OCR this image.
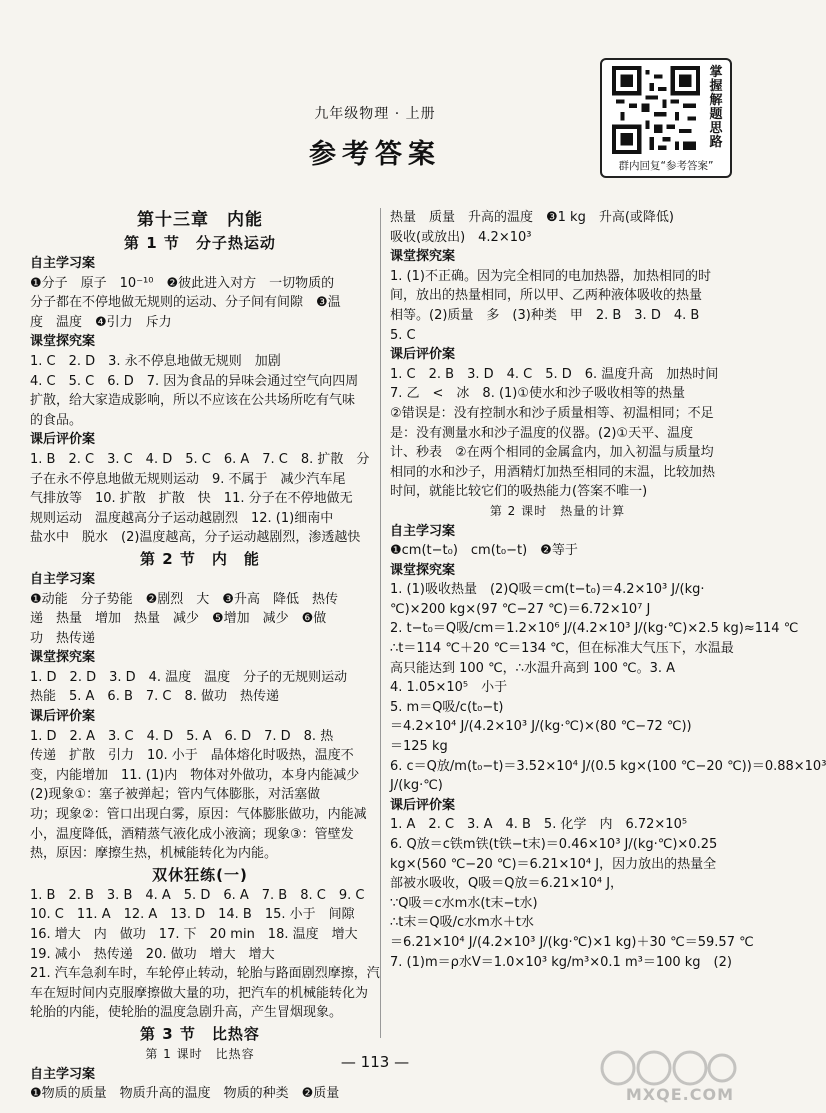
九年级物理 · 上册
参考答案
掌握解题思路
群内回复“参考答案”
第十三章　内能
第 1 节　分子热运动
自主学习案
❶分子　原子　10⁻¹⁰　❷彼此进入对方　一切物质的
分子都在不停地做无规则的运动、分子间有间隙　❸温
度　温度　❹引力　斥力
课堂探究案
1. C　2. D　3. 永不停息地做无规则　加剧
4. C　5. C　6. D　7. 因为食品的异味会通过空气向四周
扩散，给大家造成影响，所以不应该在公共场所吃有气味
的食品。
课后评价案
1. B　2. C　3. C　4. D　5. C　6. A　7. C　8. 扩散　分
子在永不停息地做无规则运动　9. 不属于　减少汽车尾
气排放等　10. 扩散　扩散　快　11. 分子在不停地做无
规则运动　温度越高分子运动越剧烈　12. (1)细南中
盐水中　脱水　(2)温度越高，分子运动越剧烈，渗透越快
第 2 节　内　能
自主学习案
❶动能　分子势能　❷剧烈　大　❸升高　降低　热传
递　热量　增加　热量　减少　❺增加　减少　❻做
功　热传递
课堂探究案
1. D　2. D　3. D　4. 温度　温度　分子的无规则运动
热能　5. A　6. B　7. C　8. 做功　热传递
课后评价案
1. D　2. A　3. C　4. D　5. A　6. D　7. D　8. 热
传递　扩散　引力　10. 小于　晶体熔化时吸热，温度不
变，内能增加　11. (1)内　物体对外做功，本身内能减少
(2)现象①：塞子被弹起；管内气体膨胀，对活塞做
功；现象②：管口出现白雾，原因：气体膨胀做功，内能减
小，温度降低，酒精蒸气液化成小液滴；现象③：管壁发
热，原因：摩擦生热，机械能转化为内能。
双休狂练(一)
1. B　2. B　3. B　4. A　5. D　6. A　7. B　8. C　9. C
10. C　11. A　12. A　13. D　14. B　15. 小于　间隙
16. 增大　内　做功　17. 下　20 min　18. 温度　增大
19. 减小　热传递　20. 做功　增大　增大
21. 汽车急刹车时，车轮停止转动，轮胎与路面剧烈摩擦，汽
车在短时间内克服摩擦做大量的功，把汽车的机械能转化为
轮胎的内能，使轮胎的温度急剧升高，产生冒烟现象。
第 3 节　比热容
第 1 课时　比热容
自主学习案
❶物质的质量　物质升高的温度　物质的种类　❷质量
热量　质量　升高的温度　❸1 kg　升高(或降低)
吸收(或放出)　4.2×10³
课堂探究案
1. (1)不正确。因为完全相同的电加热器，加热相同的时
间，放出的热量相同，所以甲、乙两种液体吸收的热量
相等。(2)质量　多　(3)种类　甲　2. B　3. D　4. B
5. C
课后评价案
1. C　2. B　3. D　4. C　5. D　6. 温度升高　加热时间
7. 乙　<　冰　8. (1)①使水和沙子吸收相等的热量
②错误是：没有控制水和沙子质量相等、初温相同；不足
是：没有测量水和沙子温度的仪器。(2)①天平、温度
计、秒表　②在两个相同的金属盒内，加入初温与质量均
相同的水和沙子，用酒精灯加热至相同的末温，比较加热
时间，就能比较它们的吸热能力(答案不唯一)
第 2 课时　热量的计算
自主学习案
❶cm(t−t₀)　cm(t₀−t)　❷等于
课堂探究案
1. (1)吸收热量　(2)Q吸＝cm(t−t₀)＝4.2×10³ J/(kg·
℃)×200 kg×(97 ℃−27 ℃)＝6.72×10⁷ J
2. t−t₀＝Q吸/cm＝1.2×10⁶ J/(4.2×10³ J/(kg·℃)×2.5 kg)≈114 ℃
∴t＝114 ℃＋20 ℃＝134 ℃，但在标准大气压下，水温最
高只能达到 100 ℃，∴水温升高到 100 ℃。3. A
4. 1.05×10⁵　小于
5. m＝Q吸/c(t₀−t)
＝4.2×10⁴ J/(4.2×10³ J/(kg·℃)×(80 ℃−72 ℃))
＝125 kg
6. c＝Q放/m(t₀−t)＝3.52×10⁴ J/(0.5 kg×(100 ℃−20 ℃))＝0.88×10³
J/(kg·℃)
课后评价案
1. A　2. C　3. A　4. B　5. 化学　内　6.72×10⁵
6. Q放＝c铁m铁(t铁−t末)＝0.46×10³ J/(kg·℃)×0.25
kg×(560 ℃−20 ℃)＝6.21×10⁴ J，因力放出的热量全
部被水吸收，Q吸＝Q放＝6.21×10⁴ J，
∵Q吸＝c水m水(t末−t水)
∴t末＝Q吸/c水m水＋t水
＝6.21×10⁴ J/(4.2×10³ J/(kg·℃)×1 kg)＋30 ℃＝59.57 ℃
7. (1)m＝ρ水V＝1.0×10³ kg/m³×0.1 m³＝100 kg　(2)
— 113 —
MXQE.COM
